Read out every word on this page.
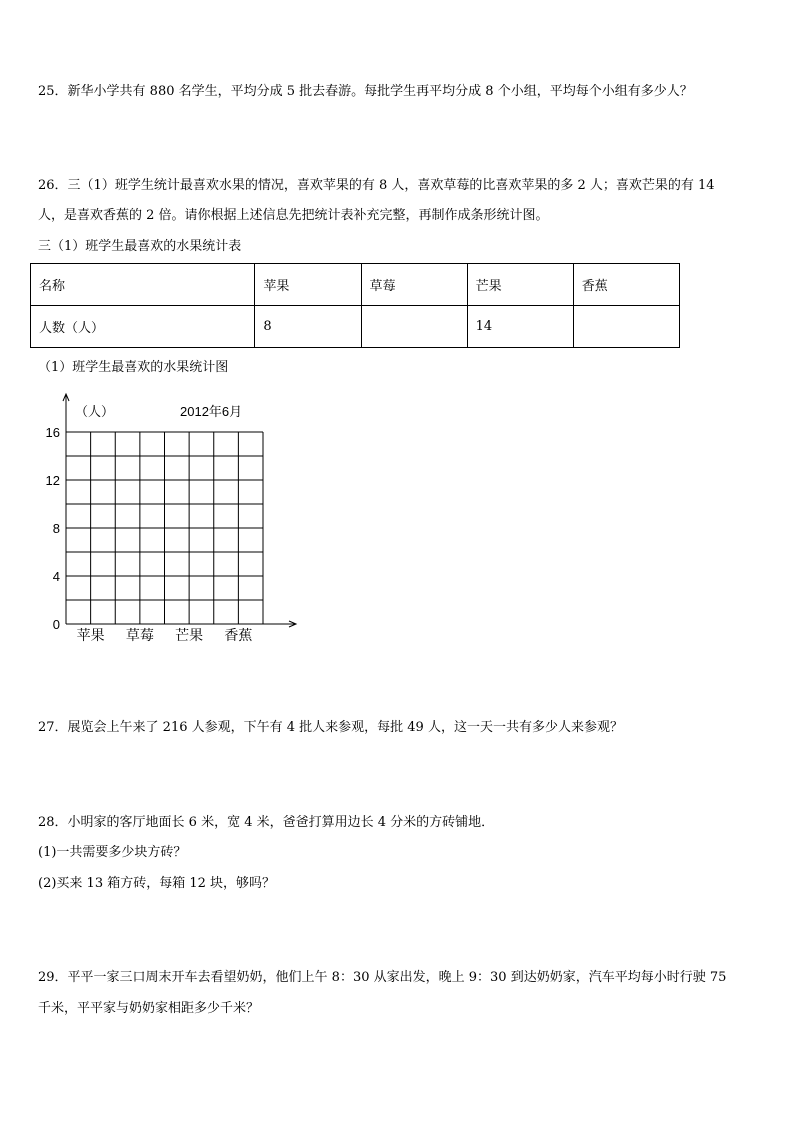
25．新华小学共有 880 名学生，平均分成 5 批去春游。每批学生再平均分成 8 个小组，平均每个小组有多少人？
26．三（1）班学生统计最喜欢水果的情况，喜欢苹果的有 8 人，喜欢草莓的比喜欢苹果的多 2 人；喜欢芒果的有 14
人，是喜欢香蕉的 2 倍。请你根据上述信息先把统计表补充完整，再制作成条形统计图。
三（1）班学生最喜欢的水果统计表
名称	苹果	草莓	芒果	香蕉
人数（人）	8		14	
（1）班学生最喜欢的水果统计图
0
4
8
12
16
苹果 草莓 芒果 香蕉
（人）	2012年6月
27．展览会上午来了 216 人参观，下午有 4 批人来参观，每批 49 人，这一天一共有多少人来参观？
28．小明家的客厅地面长 6 米，宽 4 米，爸爸打算用边长 4 分米的方砖铺地．
(1)一共需要多少块方砖？
(2)买来 13 箱方砖，每箱 12 块，够吗？
29．平平一家三口周末开车去看望奶奶，他们上午 8：30 从家出发，晚上 9：30 到达奶奶家，汽车平均每小时行驶 75
千米，平平家与奶奶家相距多少千米？
